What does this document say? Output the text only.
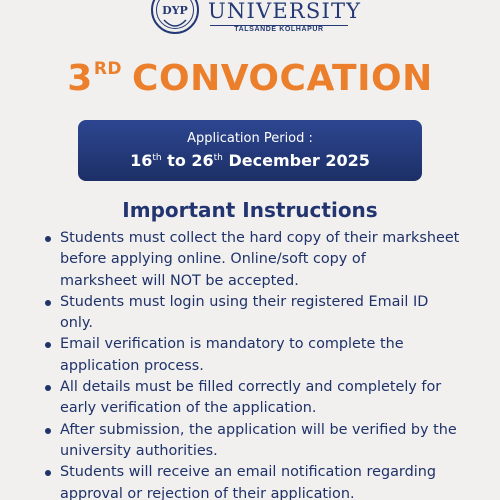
DYP UNIVERSITY
TALSANDE KOLHAPUR
3RD CONVOCATION
Application Period :
16th to 26th December 2025
Important Instructions
Students must collect the hard copy of their marksheet
before applying online. Online/soft copy of
marksheet will NOT be accepted.
Students must login using their registered Email ID
only.
Email verification is mandatory to complete the
application process.
All details must be filled correctly and completely for
early verification of the application.
After submission, the application will be verified by the
university authorities.
Students will receive an email notification regarding
approval or rejection of their application.
